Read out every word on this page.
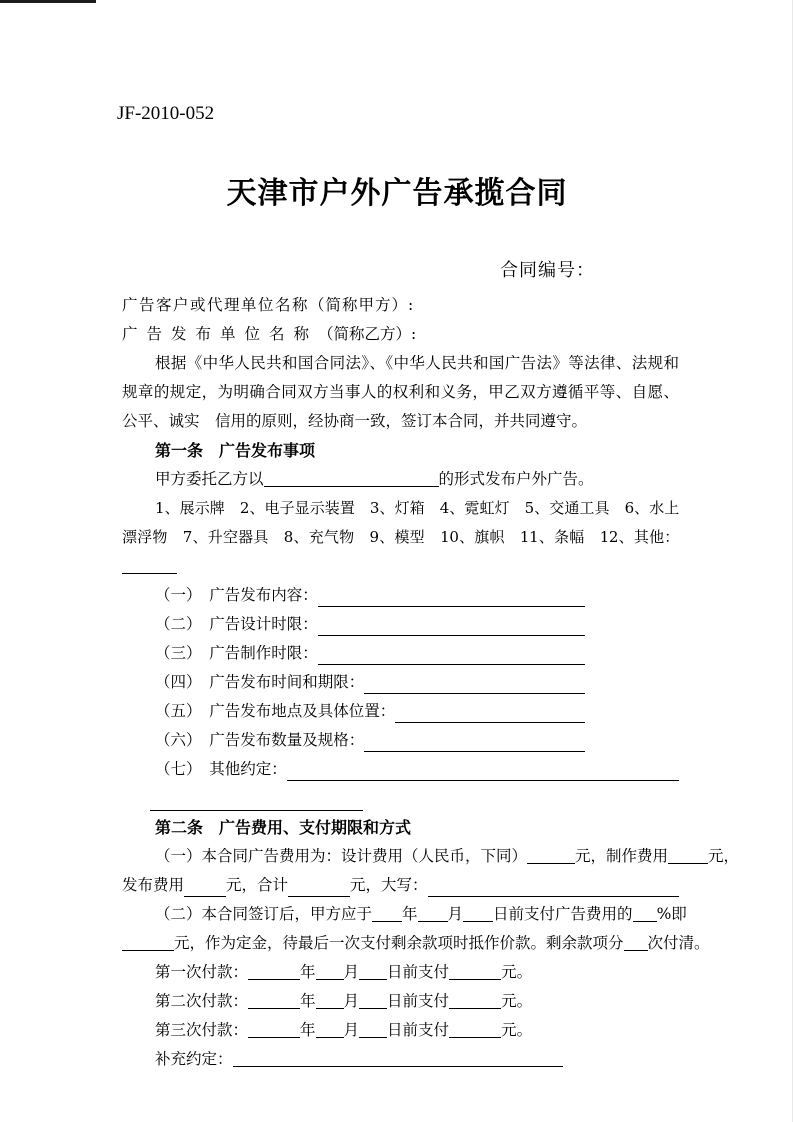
JF-2010-052
天津市户外广告承揽合同
合同编号：

广告客户或代理单位名称（简称甲方）:

广告发布单位名称（简称乙方）:

根据《中华人民共和国合同法》、《中华人民共和国广告法》等法律、法规和规章的规定，为明确合同双方当事人的权利和义务，甲乙双方遵循平等、自愿、公平、诚实　信用的原则，经协商一致，签订本合同，并共同遵守。

第一条　广告发布事项

甲方委托乙方以	的形式发布户外广告。

1、展示牌　2、电子显示装置　3、灯箱　4、霓虹灯　5、交通工具　6、水上漂浮物　7、升空器具　8、充气物　9、模型　10、旗帜　11、条幅　12、其他：

（一）　广告发布内容：
（二）　广告设计时限：
（三）　广告制作时限：
（四）　广告发布时间和期限：
（五）　广告发布地点及具体位置：
（六）　广告发布数量及规格：
（七）　其他约定：

第二条　广告费用、支付期限和方式

（一）本合同广告费用为：设计费用（人民币，下同）	元，制作费用	元，

发布费用	元，合计	元，大写：

（二）本合同签订后，甲方应于 年 月 日前支付广告费用的 %即

元，作为定金，待最后一次支付剩余款项时抵作价款。剩余款项分 次付清。

第一次付款：	年 月 日前支付	元。

第二次付款：	年 月 日前支付	元。

第三次付款：	年 月 日前支付	元。

补充约定：
